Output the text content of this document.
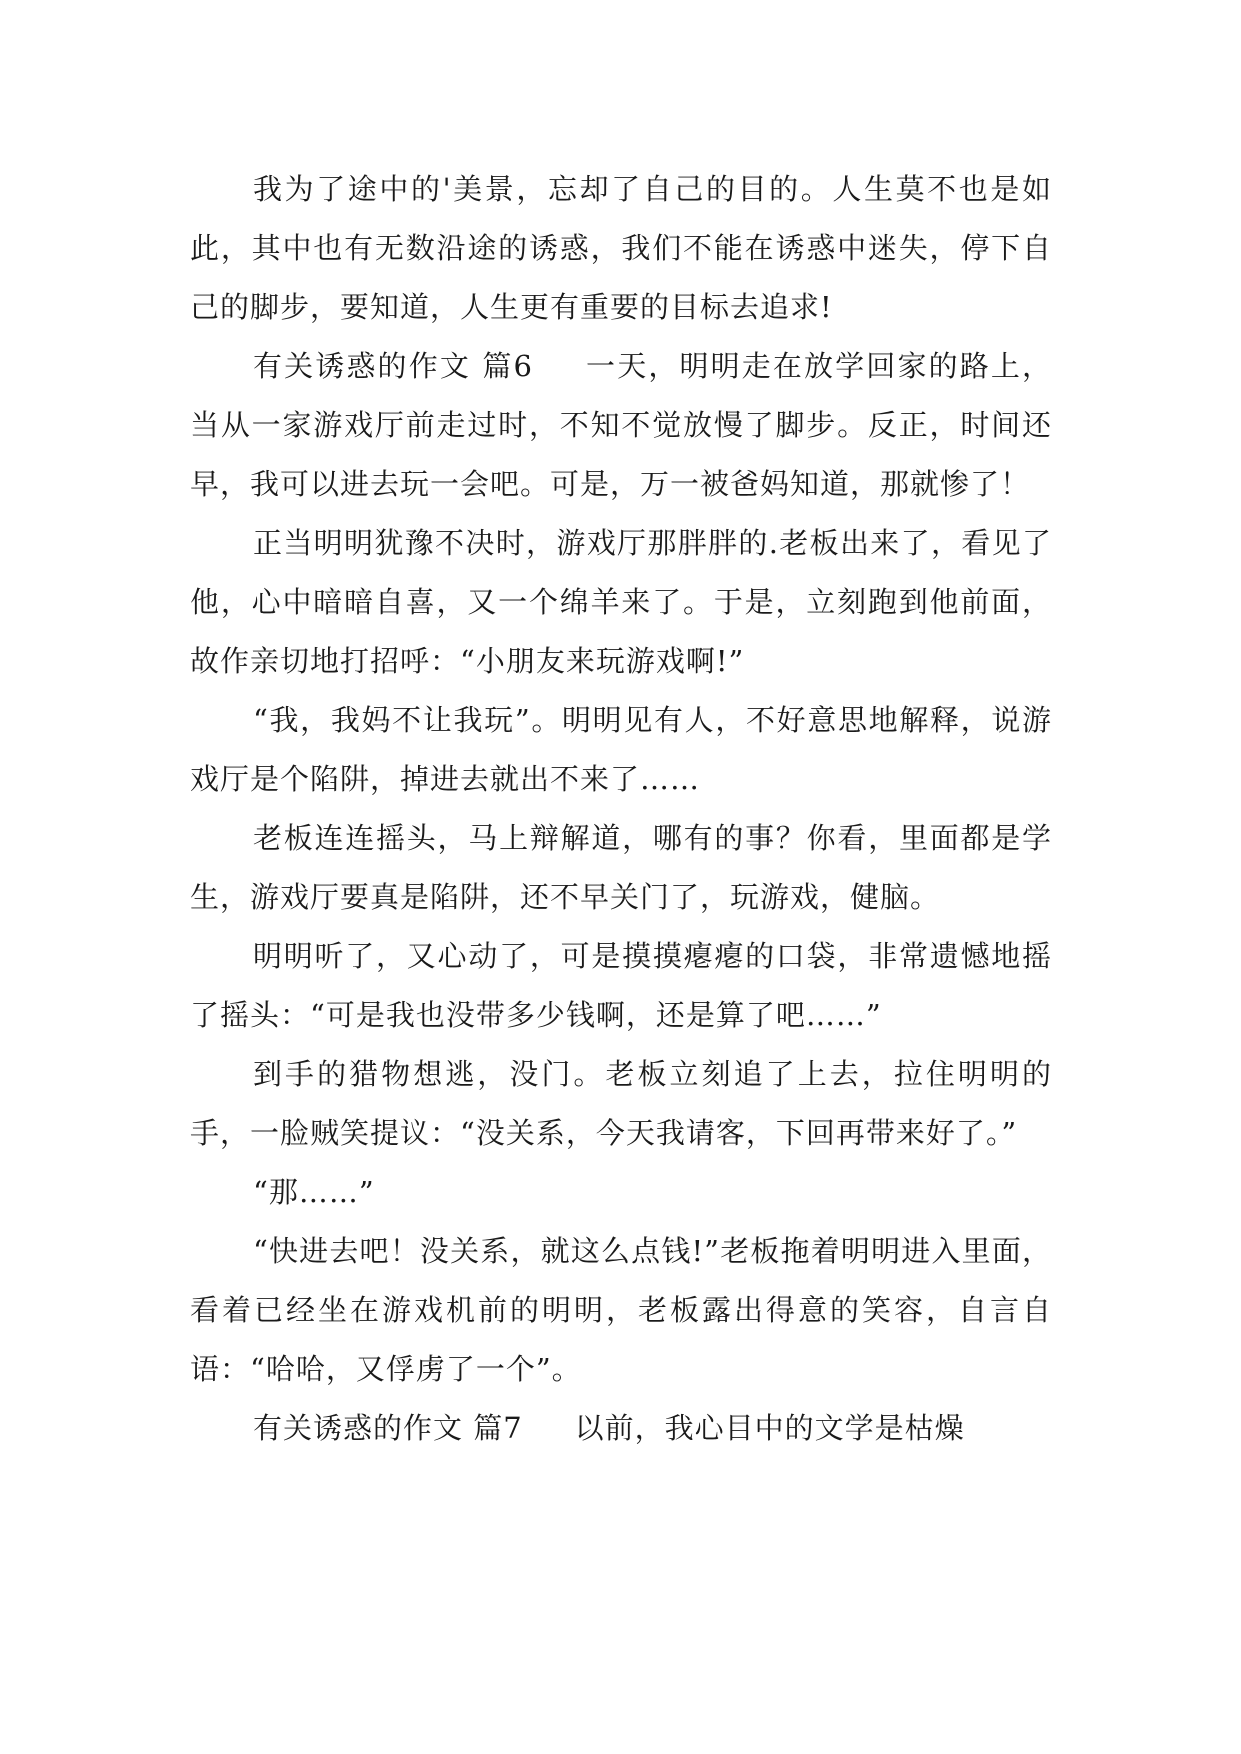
我为了途中的'美景，忘却了自己的目的。人生莫不也是如此，其中也有无数沿途的诱惑，我们不能在诱惑中迷失，停下自己的脚步，要知道，人生更有重要的目标去追求!

有关诱惑的作文 篇6 一天，明明走在放学回家的路上，当从一家游戏厅前走过时，不知不觉放慢了脚步。反正，时间还早，我可以进去玩一会吧。可是，万一被爸妈知道，那就惨了！

正当明明犹豫不决时，游戏厅那胖胖的.老板出来了，看见了他，心中暗暗自喜，又一个绵羊来了。于是，立刻跑到他前面，故作亲切地打招呼：“小朋友来玩游戏啊!”

“我，我妈不让我玩”。明明见有人，不好意思地解释，说游戏厅是个陷阱，掉进去就出不来了……

老板连连摇头，马上辩解道，哪有的事？你看，里面都是学生，游戏厅要真是陷阱，还不早关门了，玩游戏，健脑。

明明听了，又心动了，可是摸摸瘪瘪的口袋，非常遗憾地摇了摇头：“可是我也没带多少钱啊，还是算了吧……”

到手的猎物想逃，没门。老板立刻追了上去，拉住明明的手，一脸贼笑提议：“没关系，今天我请客，下回再带来好了。”

“那……”

“快进去吧！没关系，就这么点钱!”老板拖着明明进入里面，看着已经坐在游戏机前的明明，老板露出得意的笑容，自言自语：“哈哈，又俘虏了一个”。

有关诱惑的作文 篇7 以前，我心目中的文学是枯燥
